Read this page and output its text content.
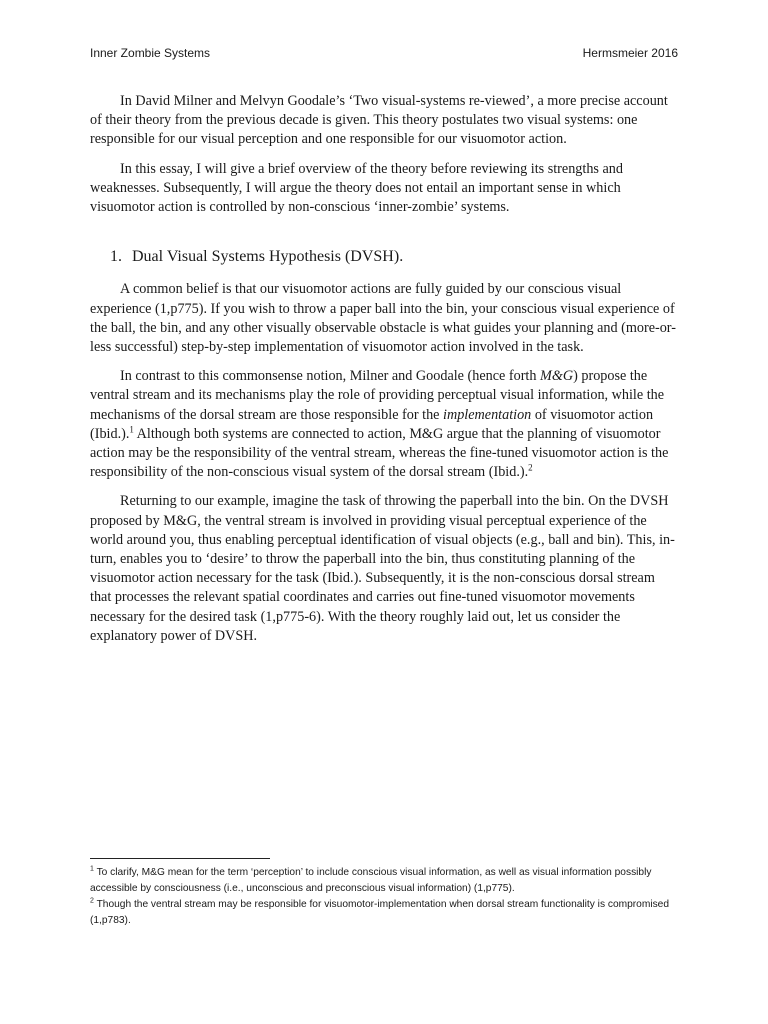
Inner Zombie Systems	Hermsmeier 2016

In David Milner and Melvyn Goodale’s ‘Two visual-systems re-viewed’, a more precise account of their theory from the previous decade is given. This theory postulates two visual systems: one responsible for our visual perception and one responsible for our visuomotor action.

In this essay, I will give a brief overview of the theory before reviewing its strengths and weaknesses. Subsequently, I will argue the theory does not entail an important sense in which visuomotor action is controlled by non-conscious ‘inner-zombie’ systems.

1. Dual Visual Systems Hypothesis (DVSH).

A common belief is that our visuomotor actions are fully guided by our conscious visual experience (1,p775). If you wish to throw a paper ball into the bin, your conscious visual experience of the ball, the bin, and any other visually observable obstacle is what guides your planning and (more-or-less successful) step-by-step implementation of visuomotor action involved in the task.

In contrast to this commonsense notion, Milner and Goodale (hence forth M&G) propose the ventral stream and its mechanisms play the role of providing perceptual visual information, while the mechanisms of the dorsal stream are those responsible for the implementation of visuomotor action (Ibid.).$^1$ Although both systems are connected to action, M&G argue that the planning of visuomotor action may be the responsibility of the ventral stream, whereas the fine-tuned visuomotor action is the responsibility of the non-conscious visual system of the dorsal stream (Ibid.).$^2$

Returning to our example, imagine the task of throwing the paperball into the bin. On the DVSH proposed by M&G, the ventral stream is involved in providing visual perceptual experience of the world around you, thus enabling perceptual identification of visual objects (e.g., ball and bin). This, in-turn, enables you to ‘desire’ to throw the paperball into the bin, thus constituting planning of the visuomotor action necessary for the task (Ibid.). Subsequently, it is the non-conscious dorsal stream that processes the relevant spatial coordinates and carries out fine-tuned visuomotor movements necessary for the desired task (1,p775-6). With the theory roughly laid out, let us consider the explanatory power of DVSH.

$^1$ To clarify, M&G mean for the term ‘perception’ to include conscious visual information, as well as visual information possibly accessible by consciousness (i.e., unconscious and preconscious visual information) (1,p775).
$^2$ Though the ventral stream may be responsible for visuomotor-implementation when dorsal stream functionality is compromised (1,p783).
